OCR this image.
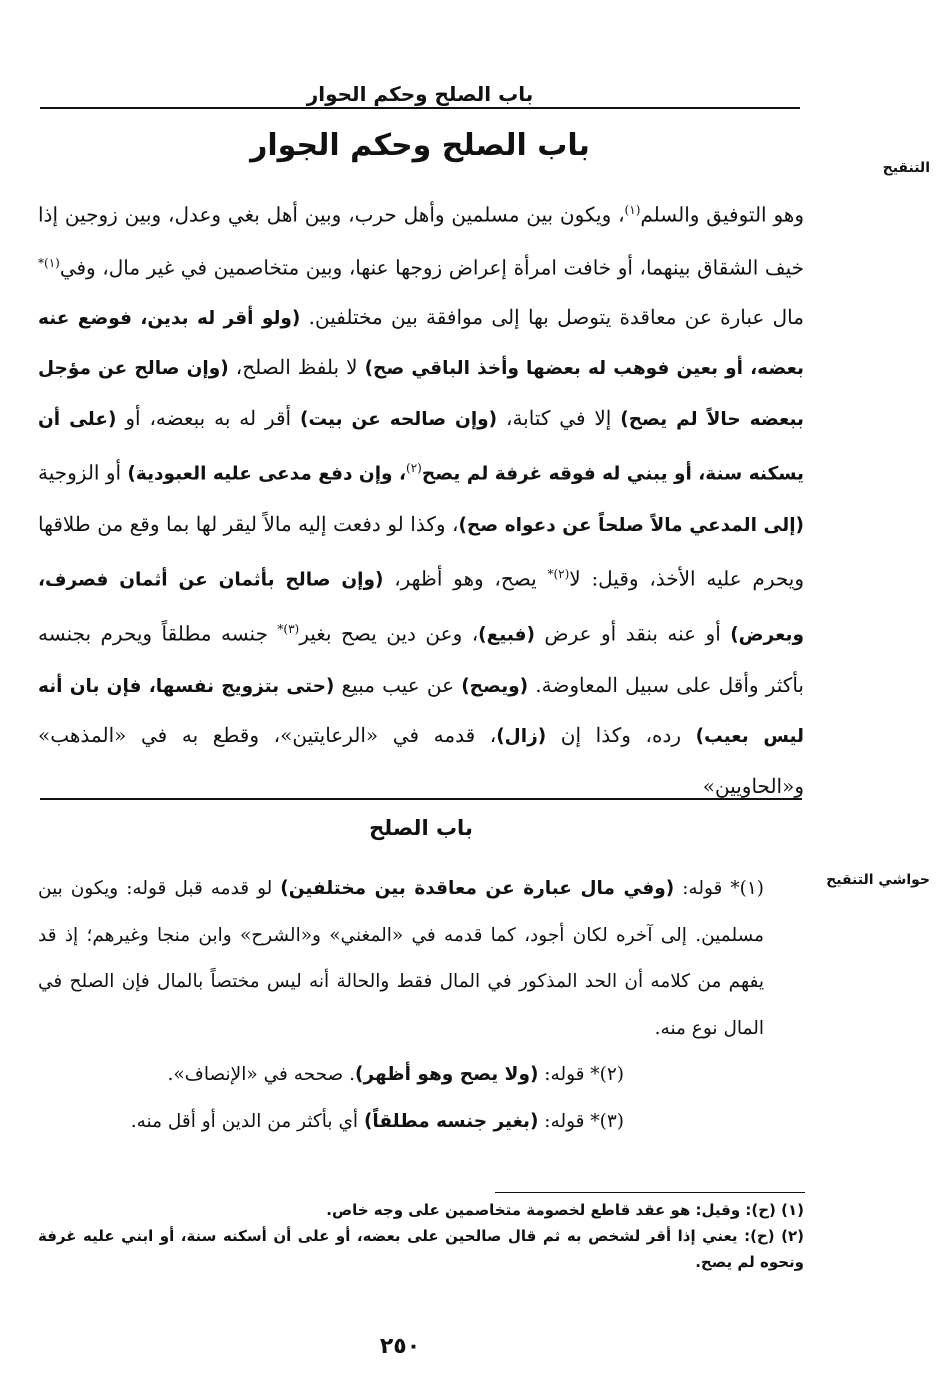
باب الصلح وحكم الحوار
باب الصلح وحكم الجوار
التنقيح
وهو التوفيق والسلم$^{(١)}$، ويكون بين مسلمين وأهل حرب، وبين أهل بغي وعدل، وبين زوجين إذا خيف الشقاق بينهما، أو خافت امرأة إعراض زوجها عنها، وبين متخاصمين في غير مال، وفي$^{(١)*}$ مال عبارة عن معاقدة يتوصل بها إلى موافقة بين مختلفين. (ولو أقر له بدين، فوضع عنه بعضه، أو بعين فوهب له بعضها وأخذ الباقي صح) لا بلفظ الصلح، (وإن صالح عن مؤجل ببعضه حالاً لم يصح) إلا في كتابة، (وإن صالحه عن بيت) أقر له به ببعضه، أو (على أن يسكنه سنة، أو يبني له فوقه غرفة لم يصح$^{(٢)}$، وإن دفع مدعى عليه العبودية) أو الزوجية (إلى المدعي مالاً صلحاً عن دعواه صح)، وكذا لو دفعت إليه مالاً ليقر لها بما وقع من طلاقها ويحرم عليه الأخذ، وقيل: لا$^{(٢)*}$ يصح، وهو أظهر، (وإن صالح بأثمان عن أثمان فصرف، وبعرض) أو عنه بنقد أو عرض (فبيع)، وعن دين يصح بغير$^{(٣)*}$ جنسه مطلقاً ويحرم بجنسه بأكثر وأقل على سبيل المعاوضة. (ويصح) عن عيب مبيع (حتى بتزويج نفسها، فإن بان أنه ليس بعيب) رده، وكذا إن (زال)، قدمه في «الرعايتين»، وقطع به في «المذهب» و«الحاويين»
باب الصلح
حواشي التنقيح
(١)* قوله: (وفي مال عبارة عن معاقدة بين مختلفين) لو قدمه قبل قوله: ويكون بين مسلمين. إلى آخره لكان أجود، كما قدمه في «المغني» و«الشرح» وابن منجا وغيرهم؛ إذ قد يفهم من كلامه أن الحد المذكور في المال فقط والحالة أنه ليس مختصاً بالمال فإن الصلح في المال نوع منه.
(٢)* قوله: (ولا يصح وهو أظهر). صححه في «الإنصاف».
(٣)* قوله: (بغير جنسه مطلقاً) أي بأكثر من الدين أو أقل منه.
(١) (ح): وقيل: هو عقد قاطع لخصومة متخاصمين على وجه خاص.
(٢) (ح): يعني إذا أقر لشخص به ثم قال صالحين على بعضه، أو على أن أسكنه سنة، أو ابني عليه غرفة ونحوه لم يصح.
٢٥٠
